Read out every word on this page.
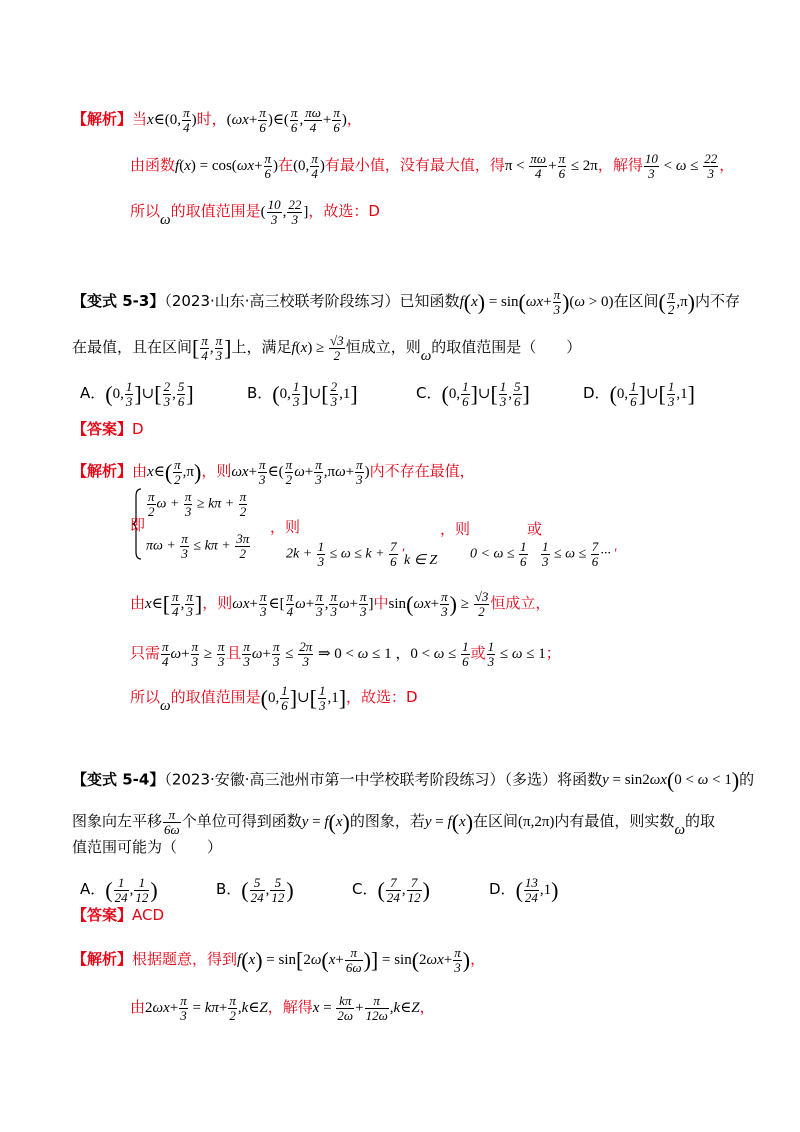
【解析】当x∈(0, $\frac{\pi}{4}$ )时，($\omega x+ \frac{\pi}{6}$ )∈( $\frac{\pi}{6}$ , $\frac{\pi\omega}{4} + \frac{\pi}{6}$ )，
由函数$f(x) = \cos(\omega x+ \frac{\pi}{6}$ )在(0, $\frac{\pi}{4}$ )有最小值，没有最大值，得$\pi < \frac{\pi\omega}{4} + \frac{\pi}{6} \le 2\pi$，解得 $\frac{10}{3} < \omega \le \frac{22}{3}$ ，
所以ω的取值范围是( $\frac{10}{3}$ , $\frac{22}{3}$ ]，故选：D
【变式 5-3】（2023·山东·高三校联考阶段练习）已知函数$f(x) = \sin(\omega x+ \frac{\pi}{3} )(\omega > 0)$在区间( $\frac{\pi}{2} ,\pi$)内不存
在最值，且在区间[ $\frac{\pi}{4}$ , $\frac{\pi}{3}$ ]上，满足$f(x) \ge \frac{√3}{2}$ 恒成立，则ω的取值范围是（　　）
A．(0, $\frac{1}{3}$ ]∪[ $\frac{2}{3}$ , $\frac{5}{6}$ ]	B．(0, $\frac{1}{3}$ ]∪[ $\frac{2}{3} ,1$]	C．(0, $\frac{1}{6}$ ]∪[ $\frac{1}{3}$ , $\frac{5}{6}$ ]	D．(0, $\frac{1}{6}$ ]∪[ $\frac{1}{3} ,1$]
【答案】D
【解析】由x∈( $\frac{\pi}{2} ,\pi$)，则$\omega x+ \frac{\pi}{3}$ ∈( $\frac{\pi}{2} \omega+ \frac{\pi}{3} ,\pi\omega+ \frac{\pi}{3}$ )内不存在最值，
即
$\frac{\pi}{2}$ $\omega + \frac{\pi}{3} \ge k\pi + \frac{\pi}{2}$
$\pi\omega + \frac{\pi}{3} \le k\pi + \frac{3\pi}{2}$
，则
$2k + \frac{1}{3} \le \omega \le k + \frac{7}{6}$ ′
k ∈ Z
，则
$0 < \omega \le \frac{1}{6}$
或
$\frac{1}{3} \le \omega \le \frac{7}{6}$ ··· ′
由x∈[ $\frac{\pi}{4}$ , $\frac{\pi}{3}$ ]，则$\omega x+ \frac{\pi}{3}$ ∈[ $\frac{\pi}{4} \omega+ \frac{\pi}{3}$ , $\frac{\pi}{3} \omega+ \frac{\pi}{3}$ ]中$\sin(\omega x+ \frac{\pi}{3}$ ) ≥ $\frac{√3}{2}$ 恒成立，
只需 $\frac{\pi}{4} \omega+ \frac{\pi}{3} \ge \frac{\pi}{3}$ 且 $\frac{\pi}{3} \omega+ \frac{\pi}{3} \le \frac{2\pi}{3}$ ⇒ 0 < ω ≤ 1 ，$0 < \omega \le \frac{1}{6}$ 或 $\frac{1}{3} \le \omega \le 1$；
所以ω的取值范围是(0, $\frac{1}{6}$ ]∪[ $\frac{1}{3} ,1$]，故选：D
【变式 5-4】（2023·安徽·高三池州市第一中学校联考阶段练习）（多选）将函数y = sin2ωx(0 < ω < 1)的
图象向左平移 $\frac{\pi}{6\omega}$ 个单位可得到函数y = f(x)的图象，若y = f(x)在区间(π,2π)内有最值，则实数ω的取
值范围可能为（　　）
A．( $\frac{1}{24}$ , $\frac{1}{12}$ )	B．( $\frac{5}{24}$ , $\frac{5}{12}$ )	C．( $\frac{7}{24}$ , $\frac{7}{12}$ )	D．( $\frac{13}{24} ,1$)
【答案】ACD
【解析】根据题意，得到$f(x) = \sin[2\omega(x+ \frac{\pi}{6\omega}$ )] = $\sin(2\omega x+ \frac{\pi}{3}$ )，
由$2\omega x+ \frac{\pi}{3} = k\pi+ \frac{\pi}{2}$ ,k∈Z，解得$x = \frac{k\pi}{2\omega} + \frac{\pi}{12\omega}$ ,k∈Z，
